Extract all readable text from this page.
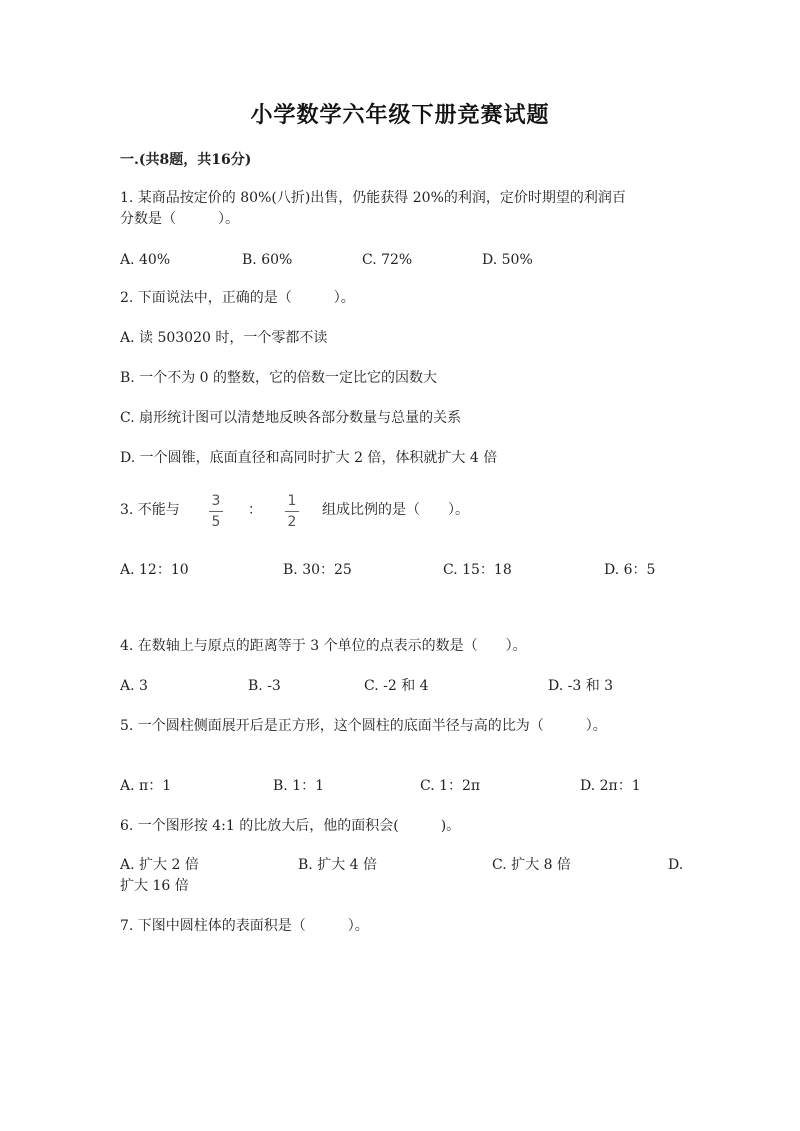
小学数学六年级下册竞赛试题
一.(共8题，共16分)
1. 某商品按定价的 80%(八折)出售，仍能获得 20%的利润，定价时期望的利润百
分数是（　　　）。
A. 40%	B. 60%	C. 72%	D. 50%
2. 下面说法中，正确的是（　　　）。
A. 读 503020 时，一个零都不读
B. 一个不为 0 的整数，它的倍数一定比它的因数大
C. 扇形统计图可以清楚地反映各部分数量与总量的关系
D. 一个圆锥，底面直径和高同时扩大 2 倍，体积就扩大 4 倍
3. 不能与
3
5
：
1
2
组成比例的是（　　）。
A. 12：10	B. 30：25	C. 15：18	D. 6：5
4. 在数轴上与原点的距离等于 3 个单位的点表示的数是（　　）。
A. 3	B. -3	C. -2 和 4	D. -3 和 3
5. 一个圆柱侧面展开后是正方形，这个圆柱的底面半径与高的比为（　　　）。
A. π：1	B. 1：1	C. 1：2π	D. 2π：1
6. 一个图形按 4:1 的比放大后，他的面积会(　　　)。
A. 扩大 2 倍	B. 扩大 4 倍	C. 扩大 8 倍	D.
扩大 16 倍
7. 下图中圆柱体的表面积是（　　　）。
